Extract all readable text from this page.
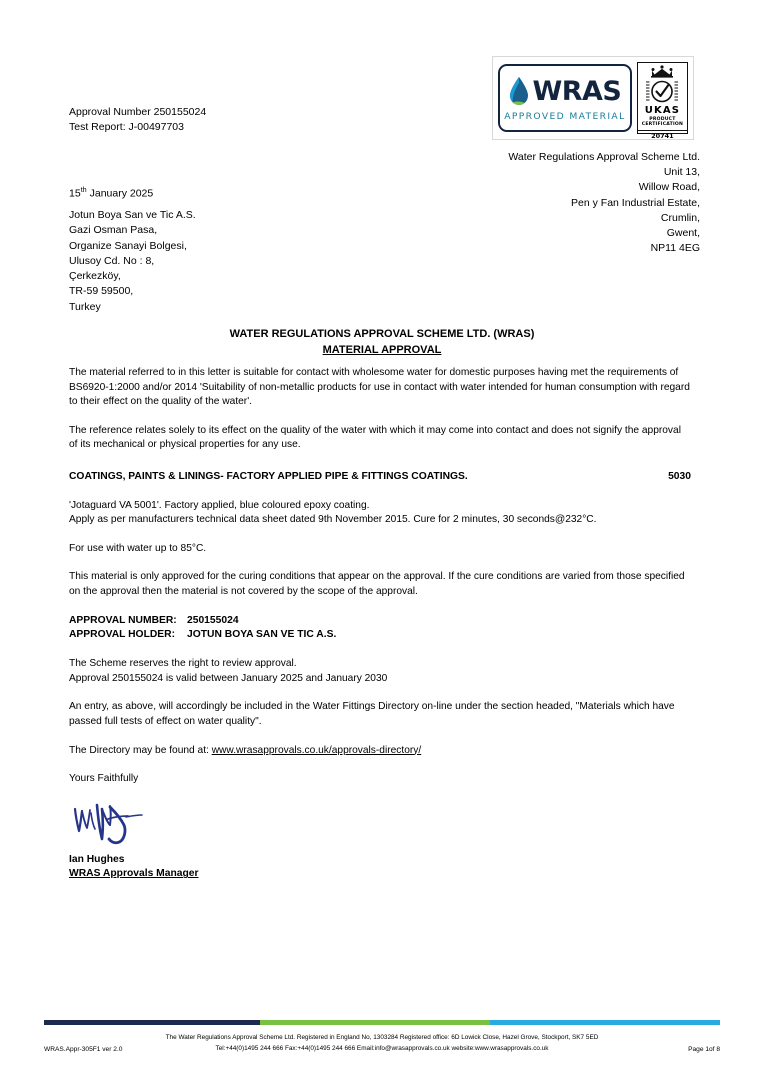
WRAS
APPROVED MATERIAL
UKAS
PRODUCT
CERTIFICATION
20741
Approval Number 250155024
Test Report: J-00497703
Water Regulations Approval Scheme Ltd.
Unit 13,
Willow Road,
Pen y Fan Industrial Estate,
Crumlin,
Gwent,
NP11 4EG
15th January 2025
Jotun Boya San ve Tic A.S.
Gazi Osman Pasa,
Organize Sanayi Bolgesi,
Ulusoy Cd. No : 8,
Çerkezköy,
TR-59 59500,
Turkey
WATER REGULATIONS APPROVAL SCHEME LTD. (WRAS)
MATERIAL APPROVAL

The material referred to in this letter is suitable for contact with wholesome water for domestic purposes having met the requirements of BS6920-1:2000 and/or 2014 'Suitability of non-metallic products for use in contact with water intended for human consumption with regard to their effect on the quality of the water'.

The reference relates solely to its effect on the quality of the water with which it may come into contact and does not signify the approval of its mechanical or physical properties for any use.

COATINGS, PAINTS & LININGS- FACTORY APPLIED PIPE & FITTINGS COATINGS.	5030

'Jotaguard VA 5001'. Factory applied, blue coloured epoxy coating.
Apply as per manufacturers technical data sheet dated 9th November 2015. Cure for 2 minutes, 30 seconds@232°C.

For use with water up to 85°C.

This material is only approved for the curing conditions that appear on the approval. If the cure conditions are varied from those specified on the approval then the material is not covered by the scope of the approval.

APPROVAL NUMBER: 250155024
APPROVAL HOLDER:	JOTUN BOYA SAN VE TIC A.S.

The Scheme reserves the right to review approval.
Approval 250155024 is valid between January 2025 and January 2030

An entry, as above, will accordingly be included in the Water Fittings Directory on-line under the section headed, "Materials which have passed full tests of effect on water quality".

The Directory may be found at: www.wrasapprovals.co.uk/approvals-directory/

Yours Faithfully

Ian Hughes
WRAS Approvals Manager
The Water Regulations Approval Scheme Ltd. Registered in England No, 1303284 Registered office: 6D Lowick Close, Hazel Grove, Stockport, SK7 5ED
Tel:+44(0)1495 244 666 Fax:+44(0)1495 244 666 Email:info@wrasapprovals.co.uk website:www.wrasapprovals.co.uk
WRAS.Appr-305F1 ver 2.0	Page 1of 8
